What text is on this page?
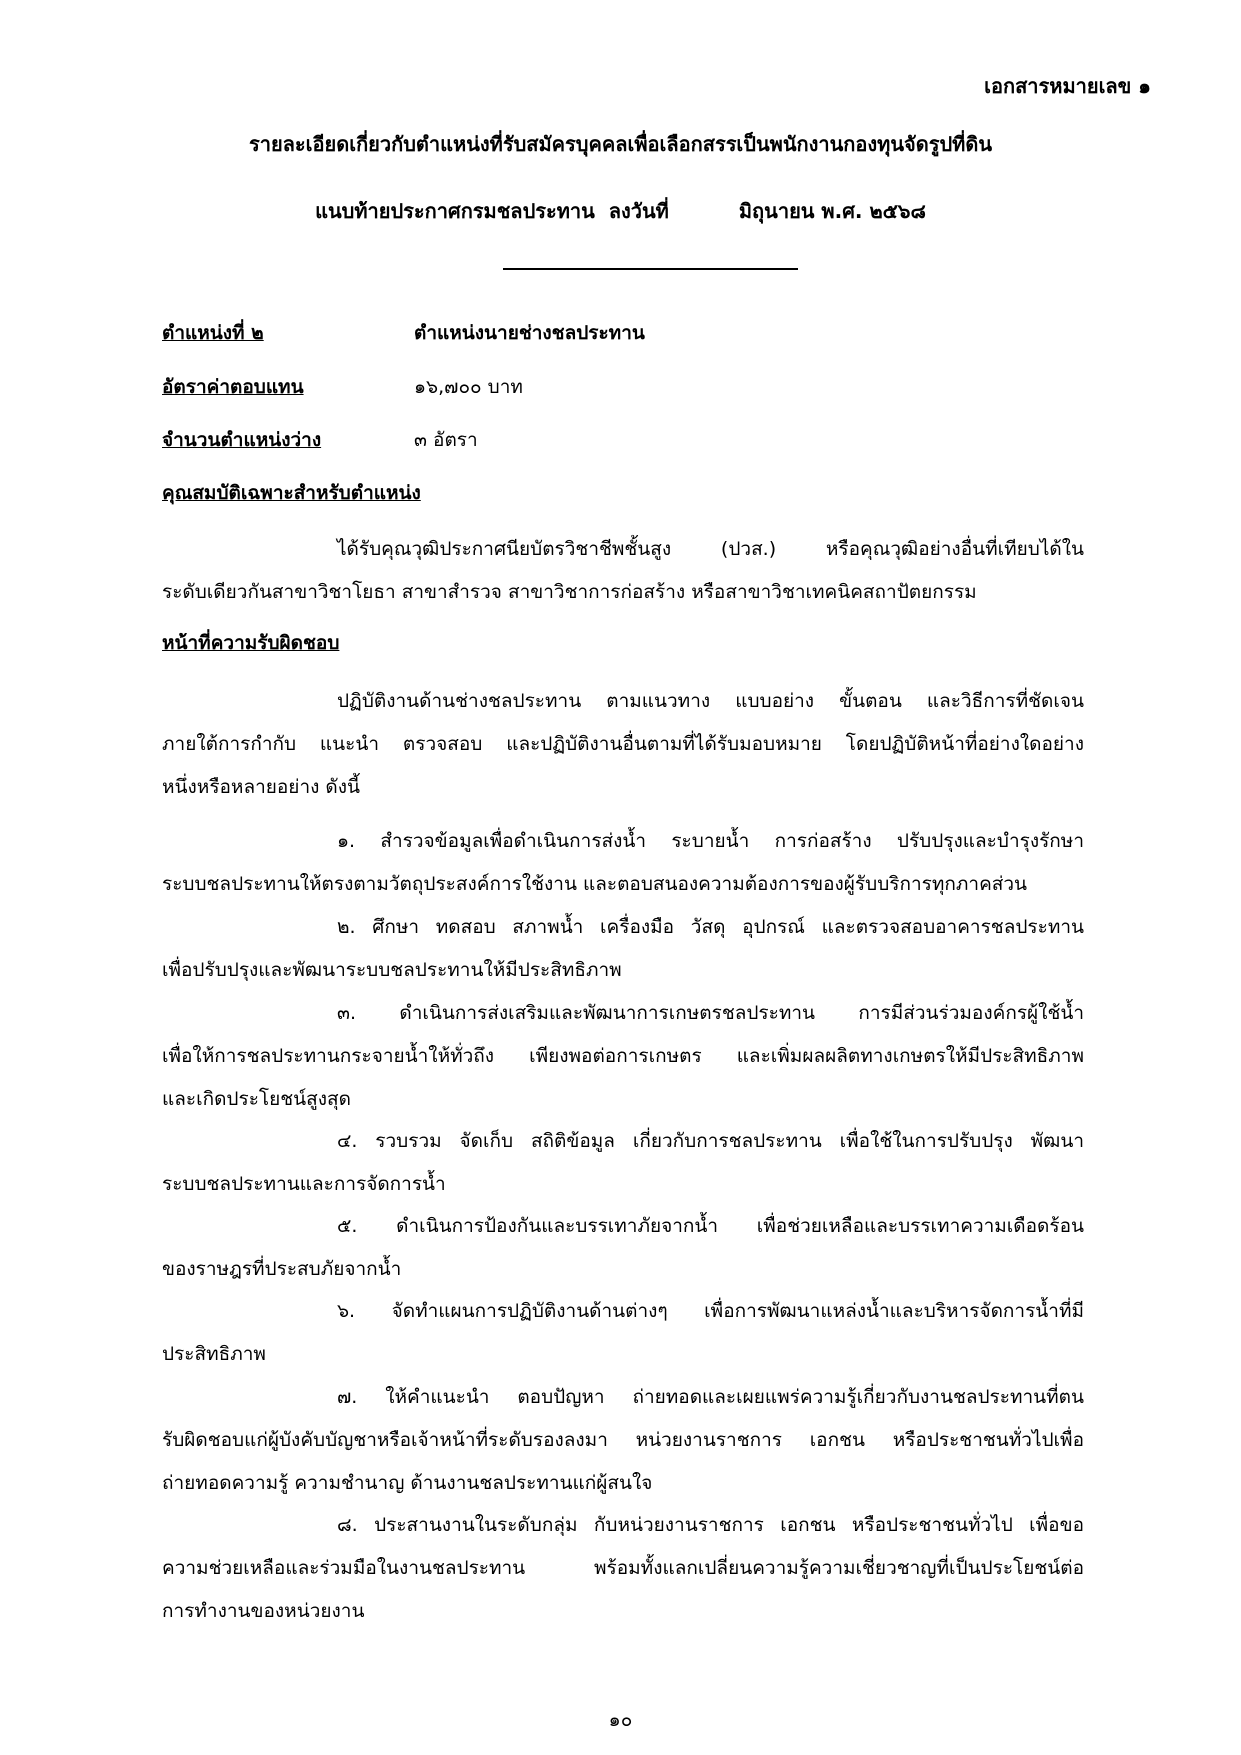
เอกสารหมายเลข ๑
รายละเอียดเกี่ยวกับตำแหน่งที่รับสมัครบุคคลเพื่อเลือกสรรเป็นพนักงานกองทุนจัดรูปที่ดิน
แนบท้ายประกาศกรมชลประทาน  ลงวันที่	มิถุนายน พ.ศ. ๒๕๖๘
ตำแหน่งที่ ๒	ตำแหน่งนายช่างชลประทาน
อัตราค่าตอบแทน	๑๖,๗๐๐ บาท
จำนวนตำแหน่งว่าง	๓ อัตรา
คุณสมบัติเฉพาะสำหรับตำแหน่ง
ได้รับคุณวุฒิประกาศนียบัตรวิชาชีพชั้นสูง (ปวส.) หรือคุณวุฒิอย่างอื่นที่เทียบได้ใน
ระดับเดียวกันสาขาวิชาโยธา สาขาสำรวจ สาขาวิชาการก่อสร้าง หรือสาขาวิชาเทคนิคสถาปัตยกรรม
หน้าที่ความรับผิดชอบ
ปฏิบัติงานด้านช่างชลประทาน ตามแนวทาง แบบอย่าง ขั้นตอน และวิธีการที่ชัดเจน
ภายใต้การกำกับ แนะนำ ตรวจสอบ และปฏิบัติงานอื่นตามที่ได้รับมอบหมาย โดยปฏิบัติหน้าที่อย่างใดอย่าง
หนึ่งหรือหลายอย่าง ดังนี้
๑. สำรวจข้อมูลเพื่อดำเนินการส่งน้ำ ระบายน้ำ การก่อสร้าง ปรับปรุงและบำรุงรักษา
ระบบชลประทานให้ตรงตามวัตถุประสงค์การใช้งาน และตอบสนองความต้องการของผู้รับบริการทุกภาคส่วน
๒. ศึกษา ทดสอบ สภาพน้ำ เครื่องมือ วัสดุ อุปกรณ์ และตรวจสอบอาคารชลประทาน
เพื่อปรับปรุงและพัฒนาระบบชลประทานให้มีประสิทธิภาพ
๓. ดำเนินการส่งเสริมและพัฒนาการเกษตรชลประทาน การมีส่วนร่วมองค์กรผู้ใช้น้ำ
เพื่อให้การชลประทานกระจายน้ำให้ทั่วถึง เพียงพอต่อการเกษตร และเพิ่มผลผลิตทางเกษตรให้มีประสิทธิภาพ
และเกิดประโยชน์สูงสุด
๔. รวบรวม จัดเก็บ สถิติข้อมูล เกี่ยวกับการชลประทาน เพื่อใช้ในการปรับปรุง พัฒนา
ระบบชลประทานและการจัดการน้ำ
๕. ดำเนินการป้องกันและบรรเทาภัยจากน้ำ เพื่อช่วยเหลือและบรรเทาความเดือดร้อน
ของราษฎรที่ประสบภัยจากน้ำ
๖. จัดทำแผนการปฏิบัติงานด้านต่างๆ เพื่อการพัฒนาแหล่งน้ำและบริหารจัดการน้ำที่มี
ประสิทธิภาพ
๗. ให้คำแนะนำ ตอบปัญหา ถ่ายทอดและเผยแพร่ความรู้เกี่ยวกับงานชลประทานที่ตน
รับผิดชอบแก่ผู้บังคับบัญชาหรือเจ้าหน้าที่ระดับรองลงมา หน่วยงานราชการ เอกชน หรือประชาชนทั่วไปเพื่อ
ถ่ายทอดความรู้ ความชำนาญ ด้านงานชลประทานแก่ผู้สนใจ
๘. ประสานงานในระดับกลุ่ม กับหน่วยงานราชการ เอกชน หรือประชาชนทั่วไป เพื่อขอ
ความช่วยเหลือและร่วมมือในงานชลประทาน พร้อมทั้งแลกเปลี่ยนความรู้ความเชี่ยวชาญที่เป็นประโยชน์ต่อ
การทำงานของหน่วยงาน
๑๐
